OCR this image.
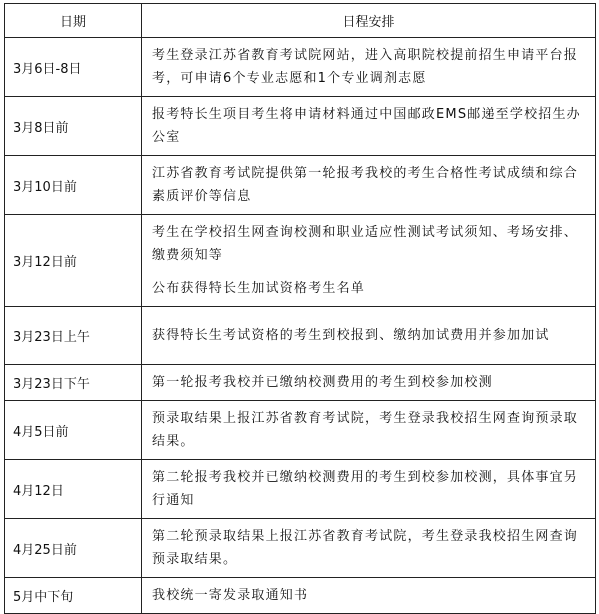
日期	日程安排
3月6日-8日	考生登录江苏省教育考试院网站，进入高职院校提前招生申请平台报考，可申请6个专业志愿和1个专业调剂志愿
3月8日前	报考特长生项目考生将申请材料通过中国邮政EMS邮递至学校招生办公室
3月10日前	江苏省教育考试院提供第一轮报考我校的考生合格性考试成绩和综合素质评价等信息
3月12日前	考生在学校招生网查询校测和职业适应性测试考试须知、考场安排、缴费须知等
公布获得特长生加试资格考生名单

3月23日上午	获得特长生考试资格的考生到校报到、缴纳加试费用并参加加试
3月23日下午	第一轮报考我校并已缴纳校测费用的考生到校参加校测
4月5日前	预录取结果上报江苏省教育考试院，考生登录我校招生网查询预录取结果。
4月12日	第二轮报考我校并已缴纳校测费用的考生到校参加校测，具体事宜另行通知
4月25日前	第二轮预录取结果上报江苏省教育考试院，考生登录我校招生网查询预录取结果。
5月中下旬	我校统一寄发录取通知书
